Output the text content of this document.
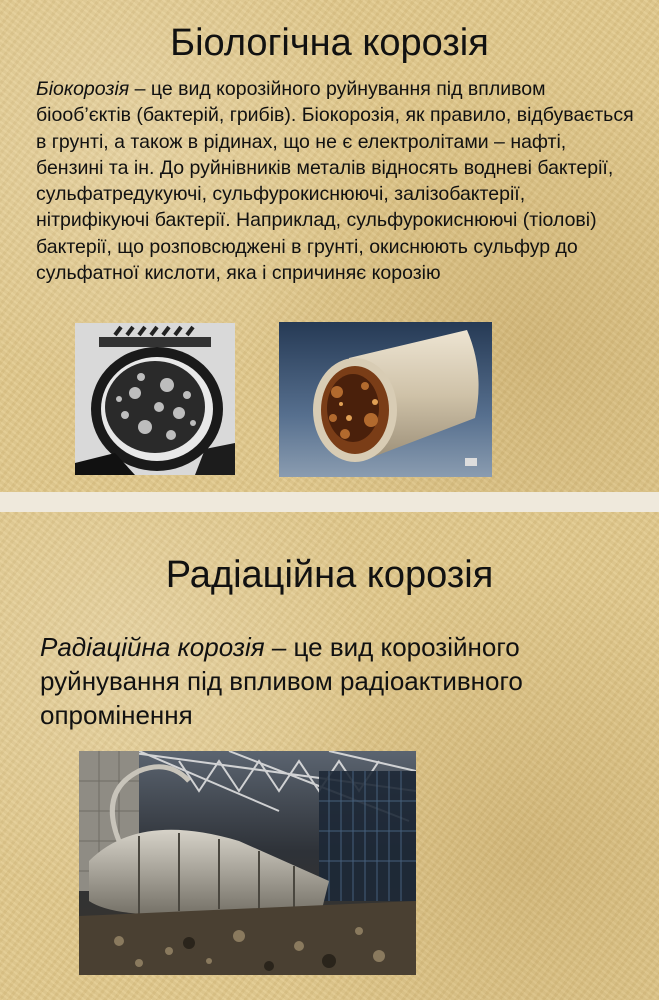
Біологічна корозія

Біокорозія – це вид корозійного руйнування під впливом біооб’єктів (бактерій, грибів). Біокорозія, як правило, відбувається в грунті, а також в рідинах, що не є електролітами – нафті, бензині та ін. До руйнівників металів відносять водневі бактерії, сульфатредукуючі, сульфурокиснюючі, залізобактерії, нітрифікуючі бактерії. Наприклад, сульфурокиснюючі (тіолові) бактерії, що розповсюджені в грунті, окиснюють сульфур до сульфатної кислоти, яка і спричиняє корозію

Радіаційна корозія

Радіаційна корозія – це вид корозійного руйнування під впливом радіоактивного опромінення
